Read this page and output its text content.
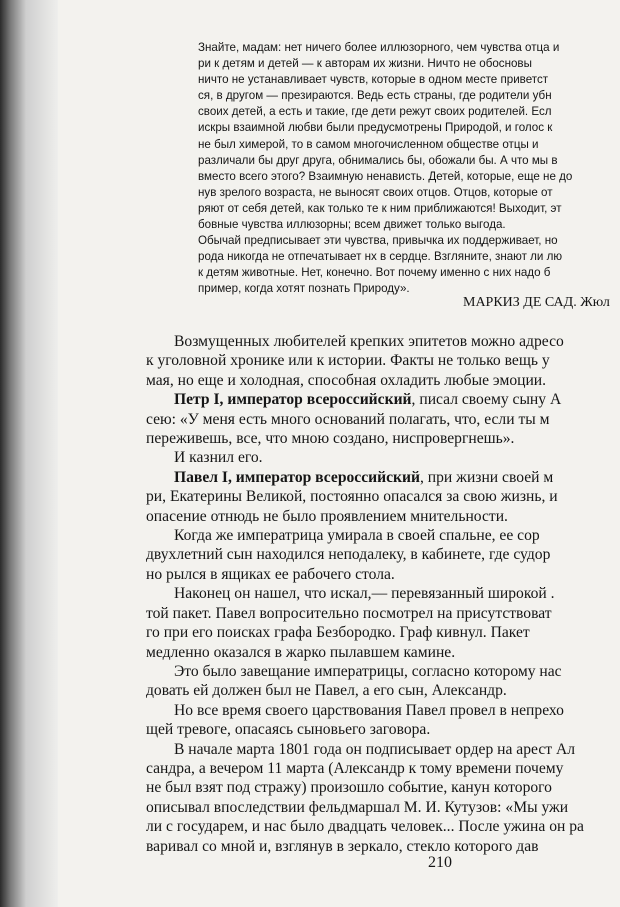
Знайте, мадам: нет ничего более иллюзорного, чем чувства отца и
ри к детям и детей — к авторам их жизни. Ничто не обосновы
ничто не устанавливает чувств, которые в одном месте приветст
ся, в другом — презираются. Ведь есть страны, где родители убн
своих детей, а есть и такие, где дети режут своих родителей. Есл
искры взаимной любви были предусмотрены Природой, и голос к
не был химерой, то в самом многочисленном обществе отцы и
различали бы друг друга, обнимались бы, обожали бы. А что мы в
вместо всего этого? Взаимную ненависть. Детей, которые, еще не до
нув зрелого возраста, не выносят своих отцов. Отцов, которые от
ряют от себя детей, как только те к ним приближаются! Выходит, эт
бовные чувства иллюзорны; всем движет только выгода.
Обычай предписывает эти чувства, привычка их поддерживает, но
рода никогда не отпечатывает нх в сердце. Взгляните, знают ли лю
к детям животные. Нет, конечно. Вот почему именно с них надо б
пример, когда хотят познать Природу».
МАРКИЗ ДЕ САД. Жюл
Возмущенных любителей крепких эпитетов можно адресо
к уголовной хронике или к истории. Факты не только вещь у
мая, но еще и холодная, способная охладить любые эмоции.
Петр I, император всероссийский, писал своему сыну А
сею: «У меня есть много оснований полагать, что, если ты м
переживешь, все, что мною создано, ниспровергнешь».
И казнил его.
Павел I, император всероссийский, при жизни своей м
ри, Екатерины Великой, постоянно опасался за свою жизнь, и
опасение отнюдь не было проявлением мнительности.
Когда же императрица умирала в своей спальне, ее сор
двухлетний сын находился неподалеку, в кабинете, где судор
но рылся в ящиках ее рабочего стола.
Наконец он нашел, что искал,— перевязанный широкой .
той пакет. Павел вопросительно посмотрел на присутствоват
го при его поисках графа Безбородко. Граф кивнул. Пакет
медленно оказался в жарко пылавшем камине.
Это было завещание императрицы, согласно которому нас
довать ей должен был не Павел, а его сын, Александр.
Но все время своего царствования Павел провел в непрехо
щей тревоге, опасаясь сыновьего заговора.
В начале марта 1801 года он подписывает ордер на арест Ал
сандра, а вечером 11 марта (Александр к тому времени почему
не был взят под стражу) произошло событие, канун которого
описывал впоследствии фельдмаршал М. И. Кутузов: «Мы ужи
ли с государем, и нас было двадцать человек... После ужина он ра
варивал со мной и, взглянув в зеркало, стекло которого дав
210
